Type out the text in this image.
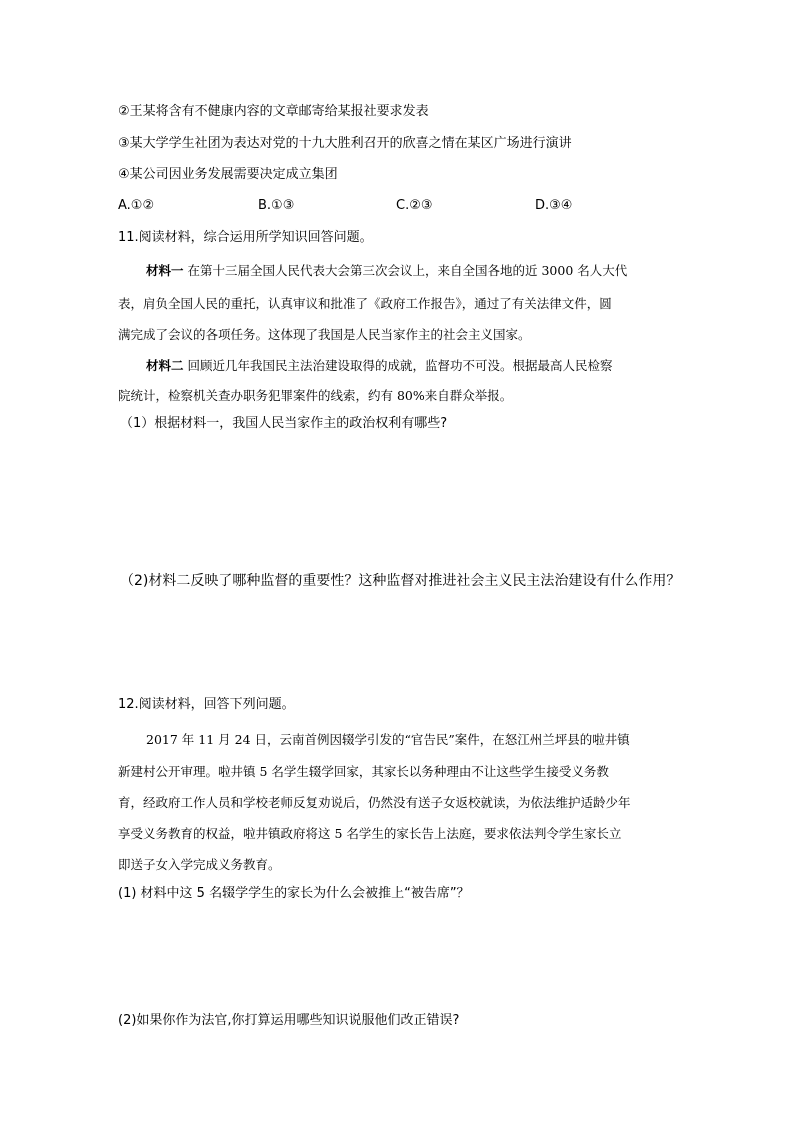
②王某将含有不健康内容的文章邮寄给某报社要求发表
③某大学学生社团为表达对党的十九大胜利召开的欣喜之情在某区广场进行演讲
④某公司因业务发展需要决定成立集团
A.①②	B.①③	C.②③	D.③④
11.阅读材料，综合运用所学知识回答问题。
材料一 在第十三届全国人民代表大会第三次会议上，来自全国各地的近 3000 名人大代
表，肩负全国人民的重托，认真审议和批准了《政府工作报告》，通过了有关法律文件，圆
满完成了会议的各项任务。这体现了我国是人民当家作主的社会主义国家。
材料二 回顾近几年我国民主法治建设取得的成就，监督功不可没。根据最高人民检察
院统计，检察机关查办职务犯罪案件的线索，约有 80%来自群众举报。
（1）根据材料一，我国人民当家作主的政治权利有哪些?
（2)材料二反映了哪种监督的重要性？这种监督对推进社会主义民主法治建设有什么作用？
12.阅读材料，回答下列问题。
2017 年 11 月 24 日，云南首例因辍学引发的“官告民”案件，在怒江州兰坪县的啦井镇
新建村公开审理。啦井镇 5 名学生辍学回家，其家长以务种理由不让这些学生接受义务教
育，经政府工作人员和学校老师反复劝说后，仍然没有送子女返校就读，为依法维护适龄少年
享受义务教育的权益，啦井镇政府将这 5 名学生的家长告上法庭，要求依法判令学生家长立
即送子女入学完成义务教育。
(1) 材料中这 5 名辍学学生的家长为什么会被推上“被告席”？
(2)如果你作为法官,你打算运用哪些知识说服他们改正错误?
